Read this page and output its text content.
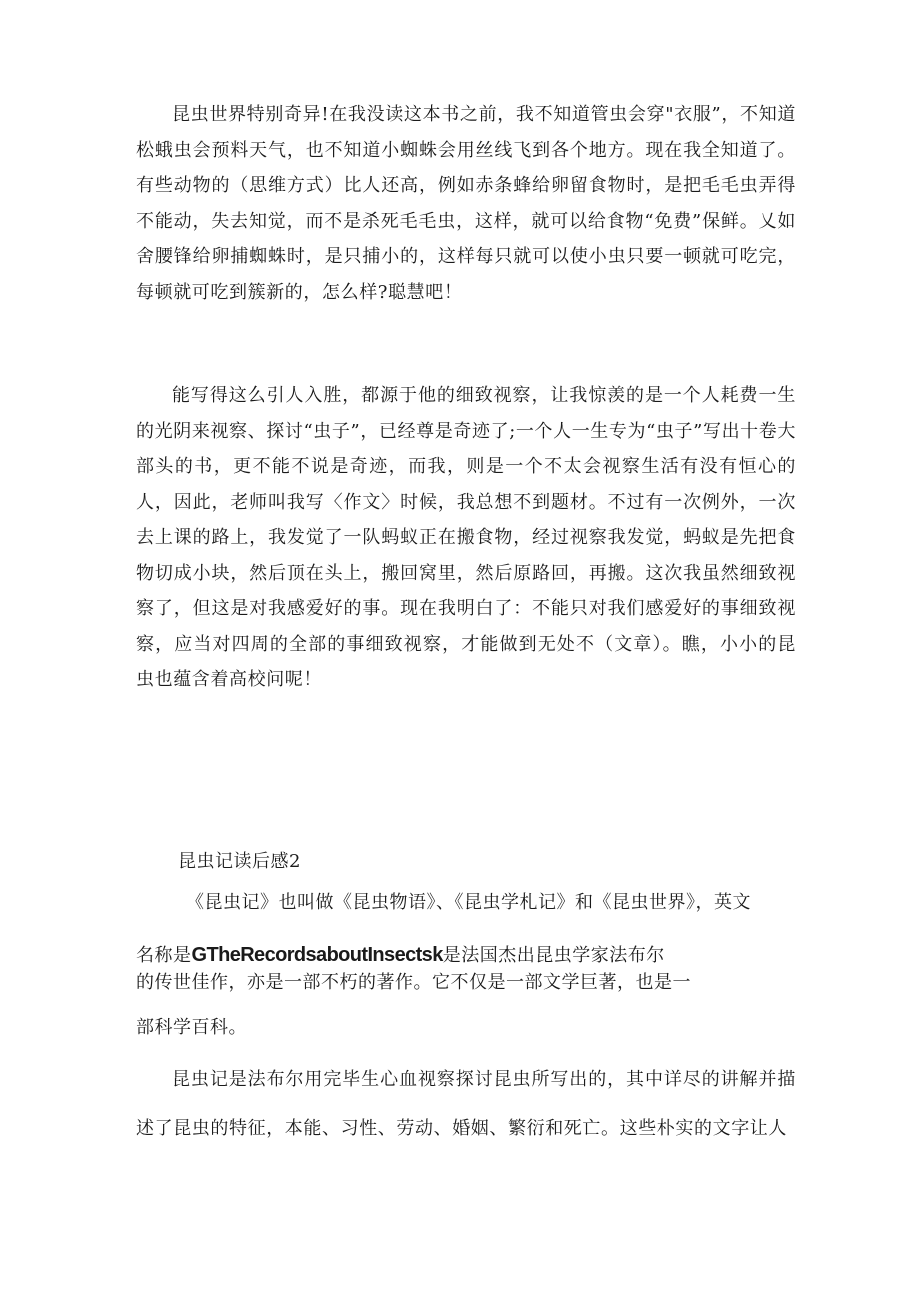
昆虫世界特别奇异!在我没读这本书之前，我不知道管虫会穿"衣服”，不知道松蛾虫会预料天气，也不知道小蜘蛛会用丝线飞到各个地方。现在我全知道了。有些动物的（思维方式）比人还高，例如赤条蜂给卵留食物时，是把毛毛虫弄得不能动，失去知觉，而不是杀死毛毛虫，这样，就可以给食物“免费”保鲜。乂如舍腰锋给卵捕蜘蛛时，是只捕小的，这样每只就可以使小虫只要一顿就可吃完，每顿就可吃到簇新的，怎么样?聪慧吧！

能写得这么引人入胜，都源于他的细致视察，让我惊羡的是一个人耗费一生的光阴来视察、探讨“虫子”，已经尊是奇迹了;一个人一生专为“虫子”写出十卷大部头的书，更不能不说是奇迹，而我，则是一个不太会视察生活有没有恒心的人，因此，老师叫我写〈作文〉时候，我总想不到题材。不过有一次例外，一次去上课的路上，我发觉了一队蚂蚁正在搬食物，经过视察我发觉，蚂蚁是先把食物切成小块，然后顶在头上，搬回窝里，然后原路回，再搬。这次我虽然细致视察了，但这是对我感爱好的事。现在我明白了：不能只对我们感爱好的事细致视察，应当对四周的全部的事细致视察，才能做到无处不（文章）。瞧，小小的昆虫也蕴含着高校问呢！

昆虫记读后感2

《昆虫记》也叫做《昆虫物语》、《昆虫学札记》和《昆虫世界》，英文

名称是GTheRecordsaboutInsectsk是法国杰出昆虫学家法布尔

的传世佳作，亦是一部不朽的著作。它不仅是一部文学巨著，也是一

部科学百科。

昆虫记是法布尔用完毕生心血视察探讨昆虫所写出的，其中详尽的讲解并描述了昆虫的特征，本能、习性、劳动、婚姻、繁衍和死亡。这些朴实的文字让人
